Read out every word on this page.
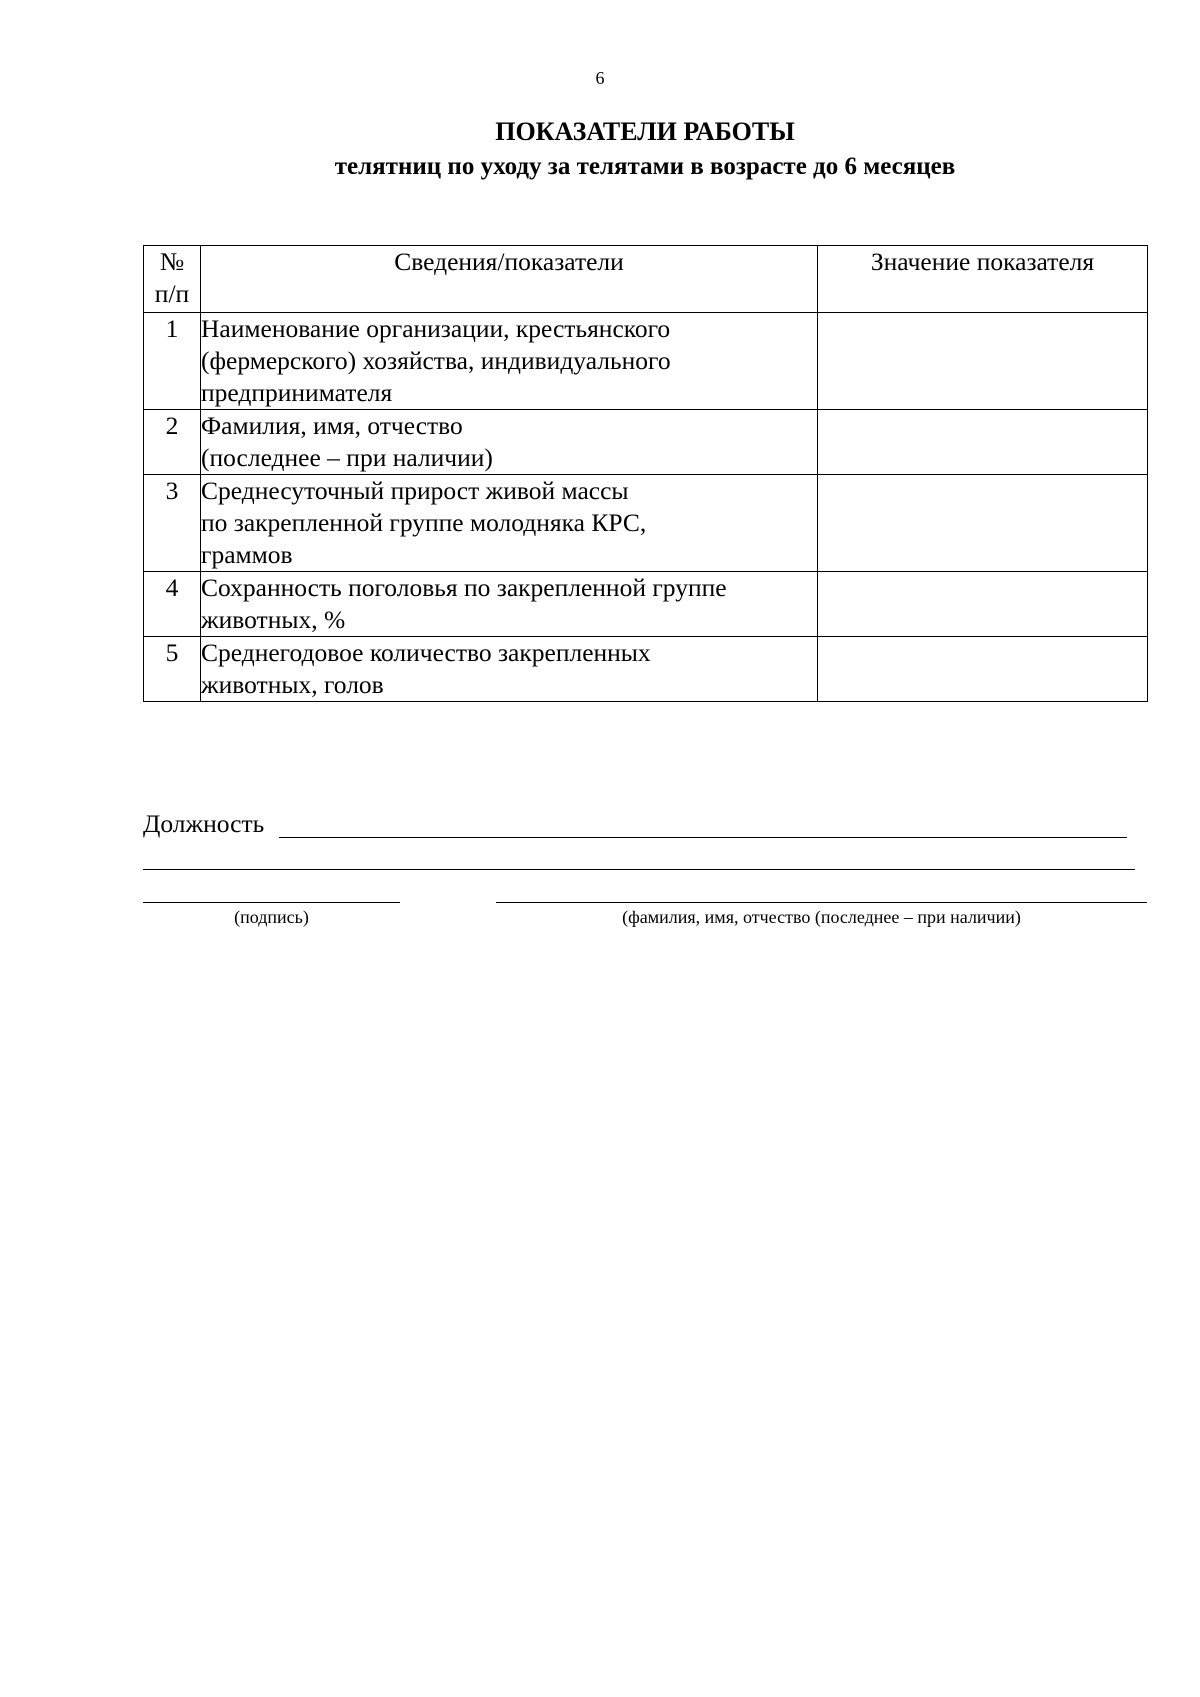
6
ПОКАЗАТЕЛИ РАБОТЫ
телятниц по уходу за телятами в возрасте до 6 месяцев
№
п/п	Сведения/показатели	Значение показателя
1	Наименование организации, крестьянского
(фермерского) хозяйства, индивидуального
предпринимателя	

2	Фамилия, имя, отчество
(последнее – при наличии)	

3	Среднесуточный прирост живой массы
по закрепленной группе молодняка КРС,
граммов	

4	Сохранность поголовья по закрепленной группе
животных, %	

5	Среднегодовое количество закрепленных
животных, голов	

Должность
(подпись)	(фамилия, имя, отчество (последнее – при наличии)
